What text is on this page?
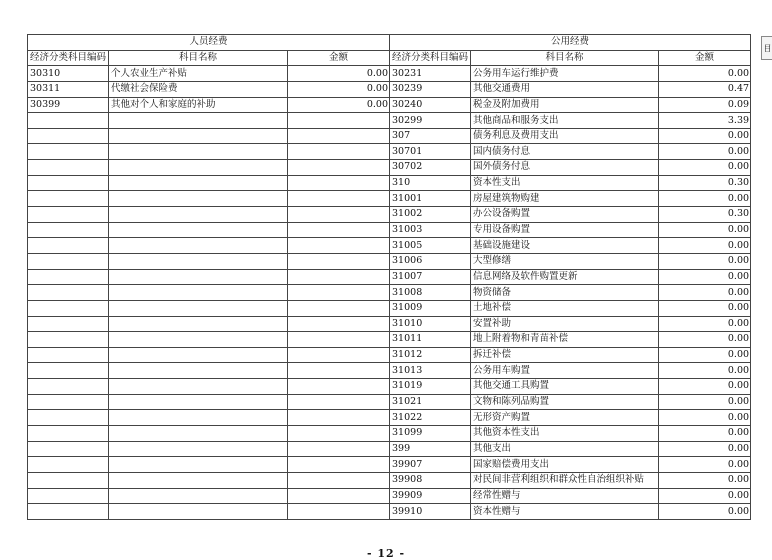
人员经费			公用经费		
经济分类科目编码	科目名称	金额	经济分类科目编码	科目名称	金额
30310	个人农业生产补贴	0.00	30231	公务用车运行维护费	0.00
30311	代缴社会保险费	0.00	30239	其他交通费用	0.47
30399	其他对个人和家庭的补助	0.00	30240	税金及附加费用	0.09
			30299	其他商品和服务支出	3.39
			307	债务利息及费用支出	0.00
			30701	国内债务付息	0.00
			30702	国外债务付息	0.00
			310	资本性支出	0.30
			31001	房屋建筑物购建	0.00
			31002	办公设备购置	0.30
			31003	专用设备购置	0.00
			31005	基础设施建设	0.00
			31006	大型修缮	0.00
			31007	信息网络及软件购置更新	0.00
			31008	物资储备	0.00
			31009	土地补偿	0.00
			31010	安置补助	0.00
			31011	地上附着物和青苗补偿	0.00
			31012	拆迁补偿	0.00
			31013	公务用车购置	0.00
			31019	其他交通工具购置	0.00
			31021	文物和陈列品购置	0.00
			31022	无形资产购置	0.00
			31099	其他资本性支出	0.00
			399	其他支出	0.00
			39907	国家赔偿费用支出	0.00
			39908	对民间非营利组织和群众性自治组织补贴	0.00
			39909	经常性赠与	0.00
			39910	资本性赠与	0.00
目
- 12 -
